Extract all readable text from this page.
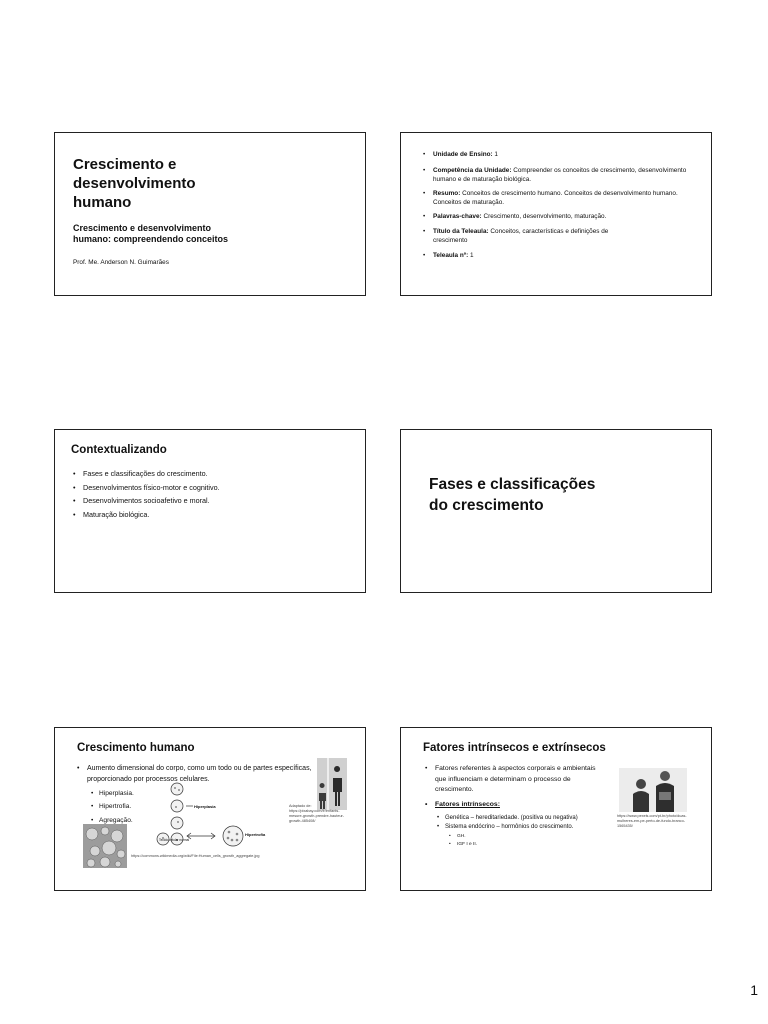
Crescimento e
desenvolvimento
humano
Crescimento e desenvolvimento
humano: compreendendo conceitos
Prof. Me. Anderson N. Guimarães
• Unidade de Ensino: 1
• Competência da Unidade: Compreender os conceitos de crescimento, desenvolvimento humano e de maturação biológica.
• Resumo: Conceitos de crescimento humano. Conceitos de desenvolvimento humano. Conceitos de maturação.
• Palavras-chave: Crescimento, desenvolvimento, maturação.
• Título da Teleaula: Conceitos, características e definições de crescimento
• Teleaula nº: 1
Contextualizando
• Fases e classificações do crescimento.
• Desenvolvimentos físico-motor e cognitivo.
• Desenvolvimentos socioafetivo e moral.
• Maturação biológica.
Fases e classificações
do crescimento
Crescimento humano
• Aumento dimensional do corpo, como um todo ou de partes específicas, proporcionado por processos celulares.
• Hiperplasia.
• Hipertrofia.
• Agregação.
Hiperplasia
Hipertrofia
Tecido celular normal
https://commons.wikimedia.org/wiki/File:Human_cells_growth_aggregate.jpg
Adaptado de: https://pixabay.com/fr/enfants-mesure-growth-prendre-hauteur-growth-485408/
Fatores intrínsecos e extrínsecos
• Fatores referentes à aspectos corporais e ambientais que influenciam e determinam o processo de crescimento.
• Fatores intrínsecos:
• Genética – hereditariedade. (positiva ou negativa)
• Sistema endócrino – hormônios do crescimento.
• GH.
• IGF I e II.
https://www.pexels.com/pt-br/photo/duas-mulheres-em-pe-perto-de-fundo-branco-1565435/
1
